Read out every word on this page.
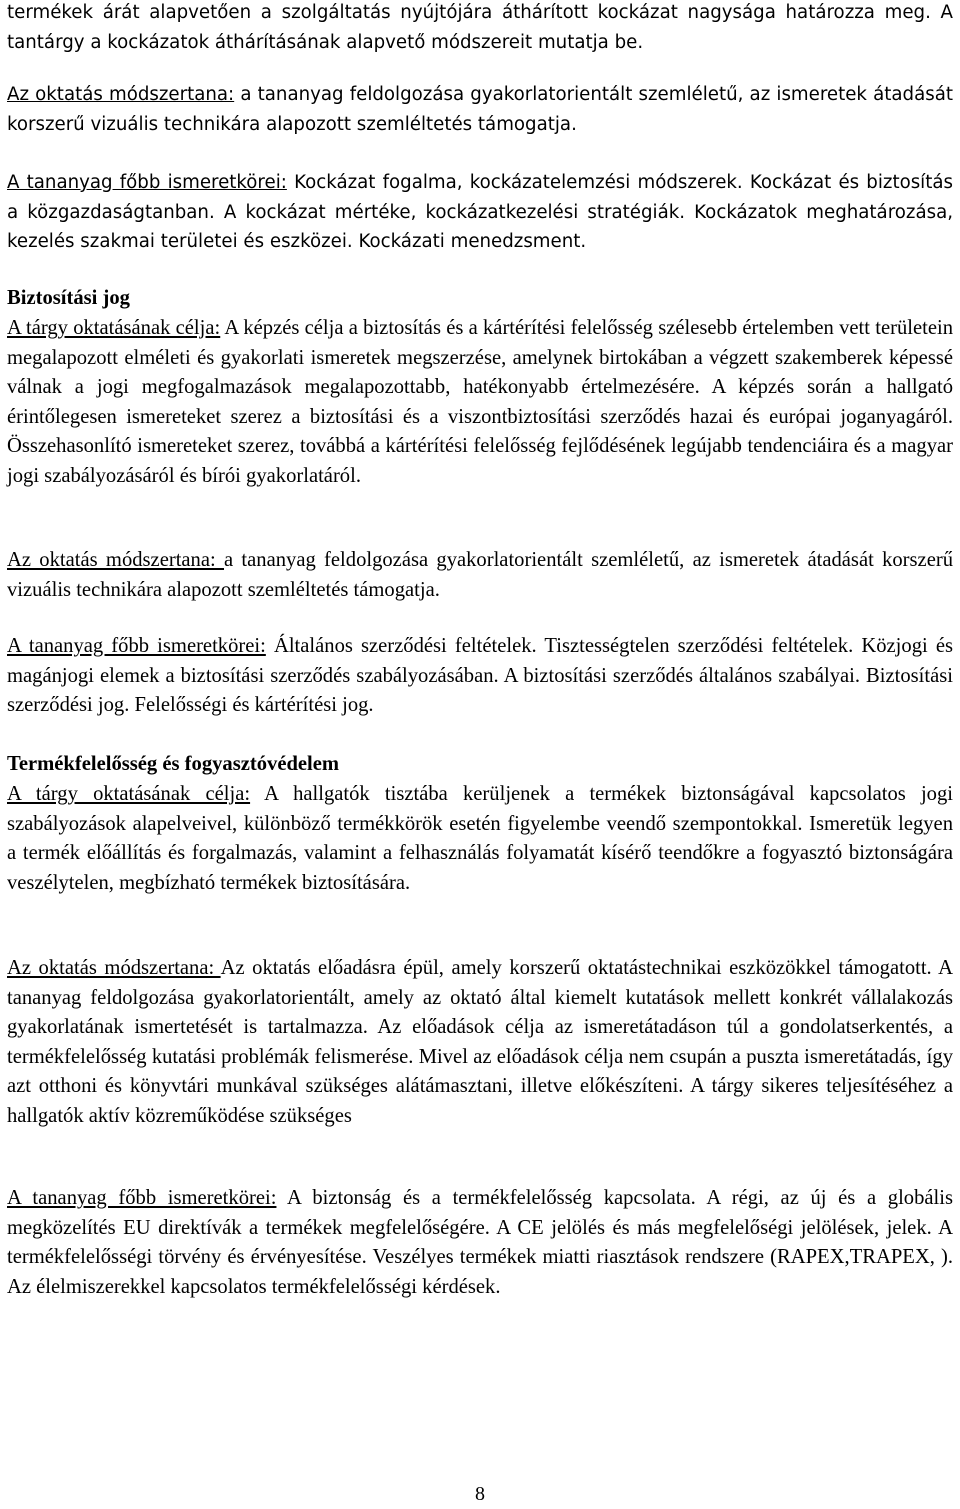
termékek árát alapvetően a szolgáltatás nyújtójára áthárított kockázat nagysága határozza meg. A tantárgy a kockázatok áthárításának alapvető módszereit mutatja be.

Az oktatás módszertana: a tananyag feldolgozása gyakorlatorientált szemléletű, az ismeretek átadását korszerű vizuális technikára alapozott szemléltetés támogatja.

A tananyag főbb ismeretkörei: Kockázat fogalma, kockázatelemzési módszerek. Kockázat és biztosítás a közgazdaságtanban. A kockázat mértéke, kockázatkezelési stratégiák. Kockázatok meghatározása, kezelés szakmai területei és eszközei. Kockázati menedzsment.

Biztosítási jog

A tárgy oktatásának célja: A képzés célja a biztosítás és a kártérítési felelősség szélesebb értelemben vett területein megalapozott elméleti és gyakorlati ismeretek megszerzése, amelynek birtokában a végzett szakemberek képessé válnak a jogi megfogalmazások megalapozottabb, hatékonyabb értelmezésére. A képzés során a hallgató érintőlegesen ismereteket szerez a biztosítási és a viszontbiztosítási szerződés hazai és európai joganyagáról. Összehasonlító ismereteket szerez, továbbá a kártérítési felelősség fejlődésének legújabb tendenciáira és a magyar jogi szabályozásáról és bírói gyakorlatáról.

Az oktatás módszertana: a tananyag feldolgozása gyakorlatorientált szemléletű, az ismeretek átadását korszerű vizuális technikára alapozott szemléltetés támogatja.

A tananyag főbb ismeretkörei: Általános szerződési feltételek. Tisztességtelen szerződési feltételek. Közjogi és magánjogi elemek a biztosítási szerződés szabályozásában. A biztosítási szerződés általános szabályai. Biztosítási szerződési jog. Felelősségi és kártérítési jog.

Termékfelelősség és fogyasztóvédelem

A tárgy oktatásának célja: A hallgatók tisztába kerüljenek a termékek biztonságával kapcsolatos jogi szabályozások alapelveivel, különböző termékkörök esetén figyelembe veendő szempontokkal. Ismeretük legyen a termék előállítás és forgalmazás, valamint a felhasználás folyamatát kísérő teendőkre a fogyasztó biztonságára veszélytelen, megbízható termékek biztosítására.

Az oktatás módszertana: Az oktatás előadásra épül, amely korszerű oktatástechnikai eszközökkel támogatott. A tananyag feldolgozása gyakorlatorientált, amely az oktató által kiemelt kutatások mellett konkrét vállalakozás gyakorlatának ismertetését is tartalmazza. Az előadások célja az ismeretátadáson túl a gondolatserkentés, a termékfelelősség kutatási problémák felismerése. Mivel az előadások célja nem csupán a puszta ismeretátadás, így azt otthoni és könyvtári munkával szükséges alátámasztani, illetve előkészíteni. A tárgy sikeres teljesítéséhez a hallgatók aktív közreműködése szükséges

A tananyag főbb ismeretkörei: A biztonság és a termékfelelősség kapcsolata. A régi, az új és a globális megközelítés EU direktívák a termékek megfelelőségére. A CE jelölés és más megfelelőségi jelölések, jelek. A termékfelelősségi törvény és érvényesítése. Veszélyes termékek miatti riasztások rendszere (RAPEX,TRAPEX, ). Az élelmiszerekkel kapcsolatos termékfelelősségi kérdések.

8
